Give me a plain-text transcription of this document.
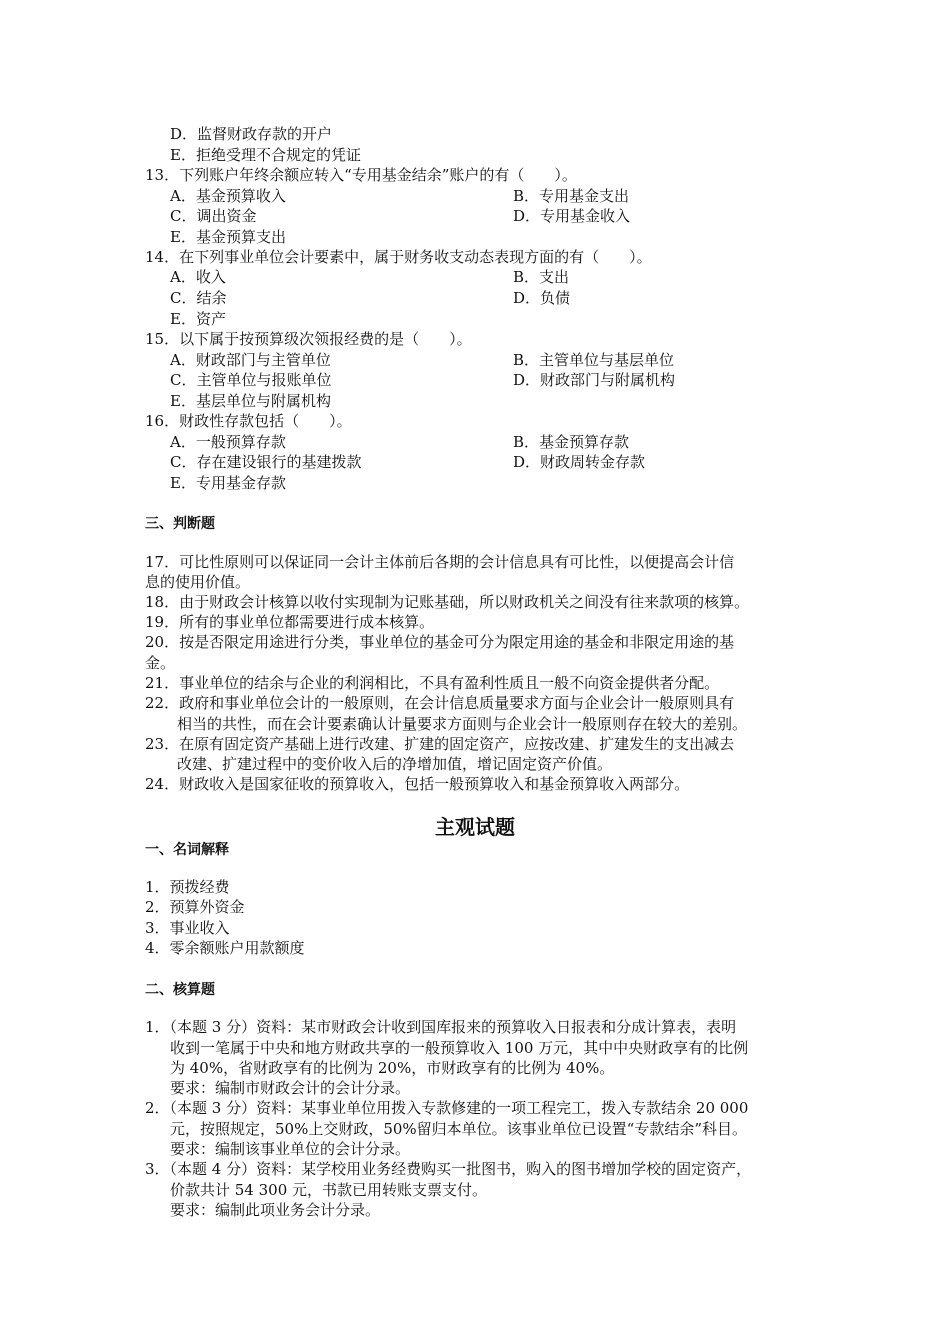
D．监督财政存款的开户
E．拒绝受理不合规定的凭证
13．下列账户年终余额应转入“专用基金结余”账户的有（　　）。
A．基金预算收入	B．专用基金支出
C．调出资金	D．专用基金收入
E．基金预算支出
14．在下列事业单位会计要素中，属于财务收支动态表现方面的有（　　）。
A．收入	B．支出
C．结余	D．负债
E．资产
15．以下属于按预算级次领报经费的是（　　）。
A．财政部门与主管单位	B．主管单位与基层单位
C．主管单位与报账单位	D．财政部门与附属机构
E．基层单位与附属机构
16．财政性存款包括（　　）。
A．一般预算存款	B．基金预算存款
C．存在建设银行的基建拨款	D．财政周转金存款
E．专用基金存款
三、判断题
17．可比性原则可以保证同一会计主体前后各期的会计信息具有可比性，以便提高会计信
息的使用价值。
18．由于财政会计核算以收付实现制为记账基础，所以财政机关之间没有往来款项的核算。
19．所有的事业单位都需要进行成本核算。
20．按是否限定用途进行分类，事业单位的基金可分为限定用途的基金和非限定用途的基
金。
21．事业单位的结余与企业的利润相比，不具有盈利性质且一般不向资金提供者分配。
22．政府和事业单位会计的一般原则，在会计信息质量要求方面与企业会计一般原则具有
相当的共性，而在会计要素确认计量要求方面则与企业会计一般原则存在较大的差别。
23．在原有固定资产基础上进行改建、扩建的固定资产，应按改建、扩建发生的支出减去
改建、扩建过程中的变价收入后的净增加值，增记固定资产价值。
24．财政收入是国家征收的预算收入，包括一般预算收入和基金预算收入两部分。
主观试题
一、名词解释
1．预拨经费
2．预算外资金
3．事业收入
4．零余额账户用款额度
二、核算题
1．（本题 3 分）资料：某市财政会计收到国库报来的预算收入日报表和分成计算表，表明
收到一笔属于中央和地方财政共享的一般预算收入 100 万元，其中中央财政享有的比例
为 40%，省财政享有的比例为 20%，市财政享有的比例为 40%。
要求：编制市财政会计的会计分录。
2．（本题 3 分）资料：某事业单位用拨入专款修建的一项工程完工，拨入专款结余 20 000
元，按照规定，50%上交财政，50%留归本单位。该事业单位已设置“专款结余”科目。
要求：编制该事业单位的会计分录。
3．（本题 4 分）资料：某学校用业务经费购买一批图书，购入的图书增加学校的固定资产，
价款共计 54 300 元，书款已用转账支票支付。
要求：编制此项业务会计分录。
